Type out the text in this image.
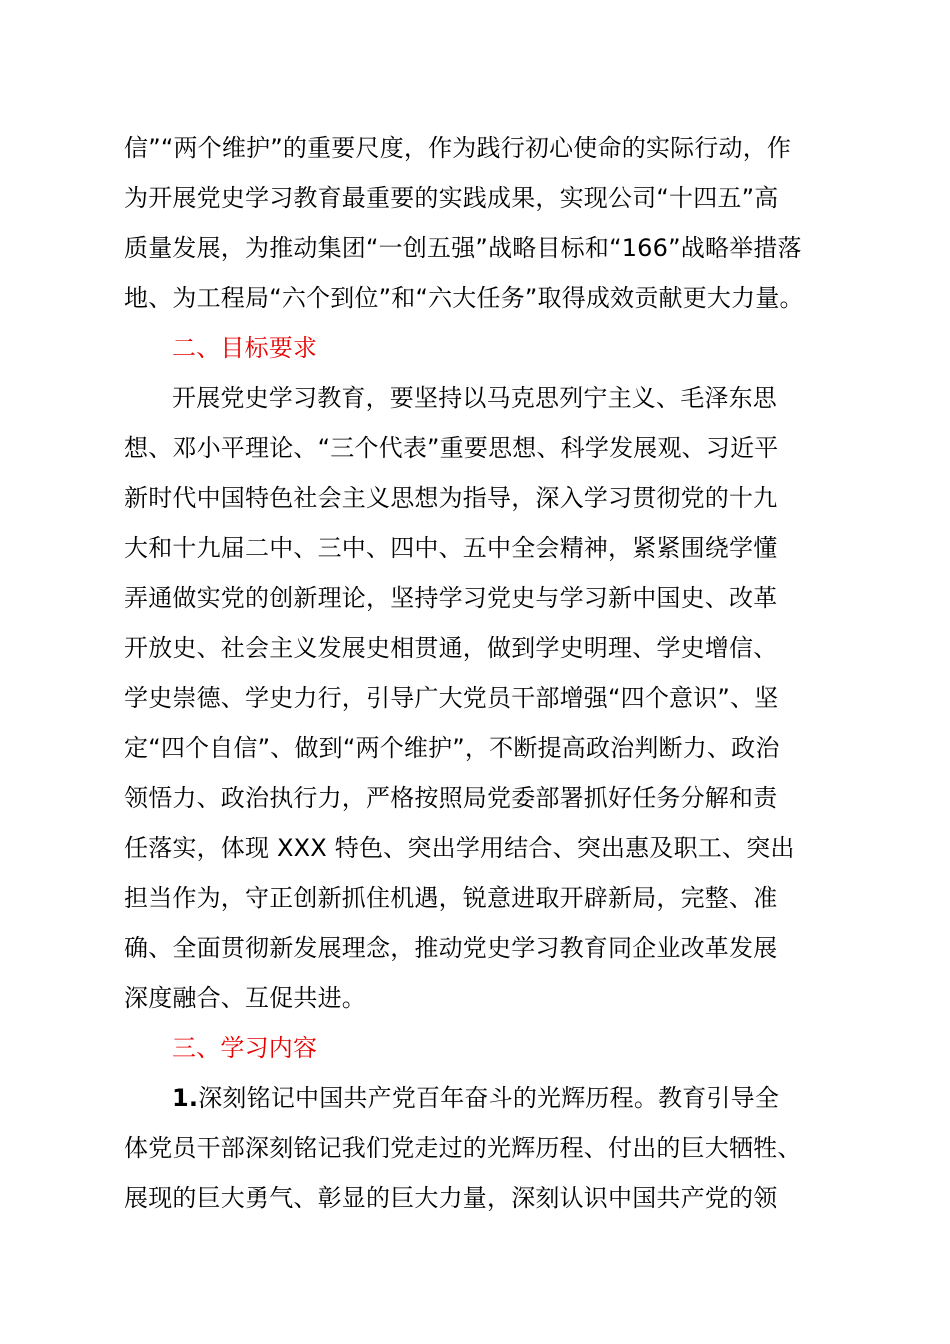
信”“两个维护”的重要尺度，作为践行初心使命的实际行动，作
为开展党史学习教育最重要的实践成果，实现公司“十四五”高
质量发展，为推动集团“一创五强”战略目标和“166”战略举措落
地、为工程局“六个到位”和“六大任务”取得成效贡献更大力量。
二、目标要求
开展党史学习教育，要坚持以马克思列宁主义、毛泽东思
想、邓小平理论、“三个代表”重要思想、科学发展观、习近平
新时代中国特色社会主义思想为指导，深入学习贯彻党的十九
大和十九届二中、三中、四中、五中全会精神，紧紧围绕学懂
弄通做实党的创新理论，坚持学习党史与学习新中国史、改革
开放史、社会主义发展史相贯通，做到学史明理、学史增信、
学史崇德、学史力行，引导广大党员干部增强“四个意识”、坚
定“四个自信”、做到“两个维护”，不断提高政治判断力、政治
领悟力、政治执行力，严格按照局党委部署抓好任务分解和责
任落实，体现 XXX 特色、突出学用结合、突出惠及职工、突出
担当作为，守正创新抓住机遇，锐意进取开辟新局，完整、准
确、全面贯彻新发展理念，推动党史学习教育同企业改革发展
深度融合、互促共进。
三、学习内容
1.深刻铭记中国共产党百年奋斗的光辉历程。教育引导全
体党员干部深刻铭记我们党走过的光辉历程、付出的巨大牺牲、
展现的巨大勇气、彰显的巨大力量，深刻认识中国共产党的领
